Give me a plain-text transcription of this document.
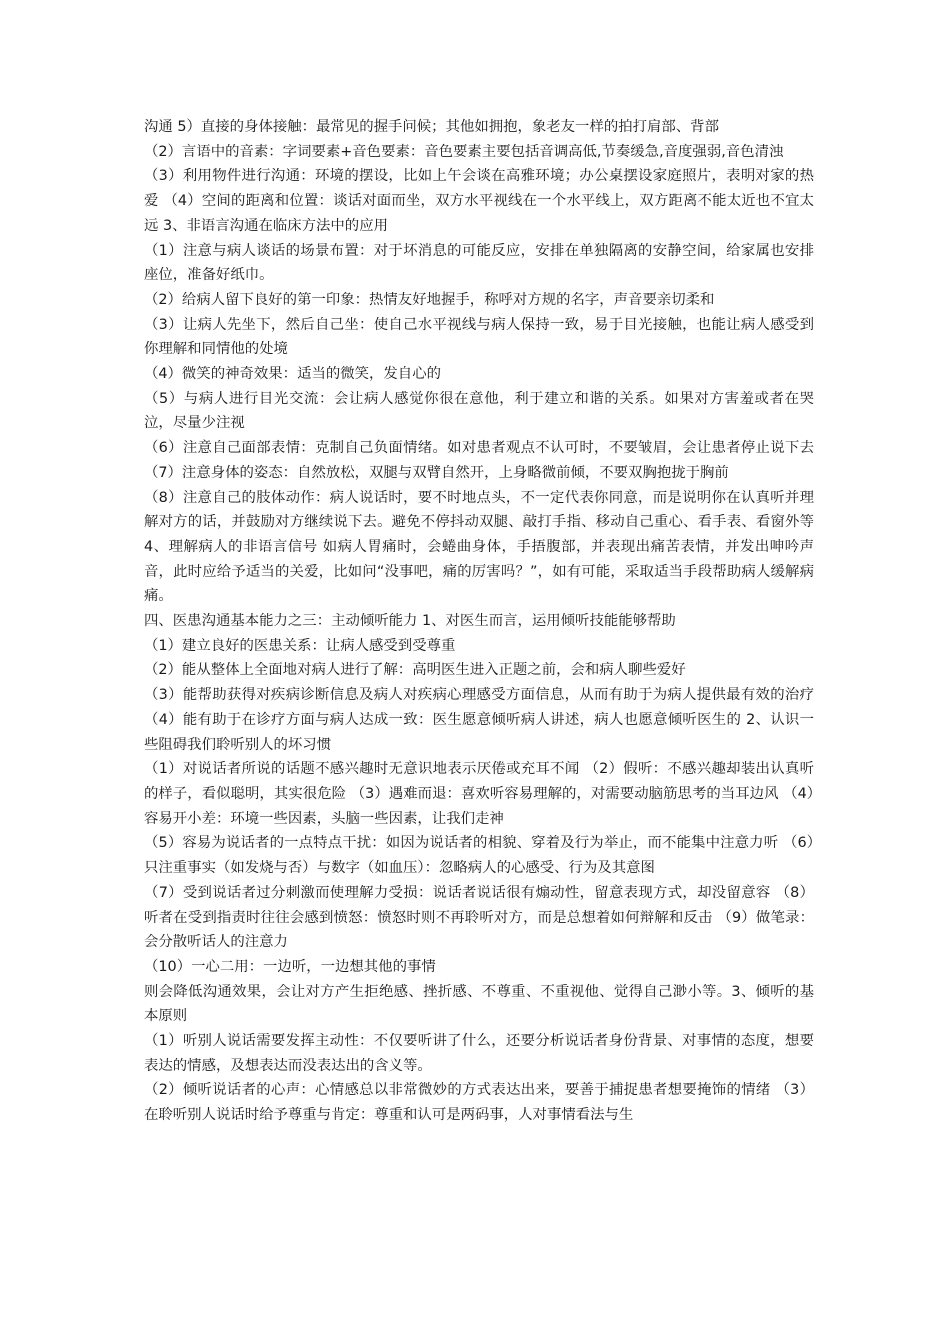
沟通 5）直接的身体接触：最常见的握手问候；其他如拥抱，象老友一样的拍打肩部、背部

（2）言语中的音素：字词要素+音色要素：音色要素主要包括音调高低,节奏缓急,音度强弱,音色清浊

（3）利用物件进行沟通：环境的摆设，比如上午会谈在高雅环境；办公桌摆设家庭照片，表明对家的热爱 （4）空间的距离和位置：谈话对面而坐，双方水平视线在一个水平线上，双方距离不能太近也不宜太远 3、非语言沟通在临床方法中的应用

（1）注意与病人谈话的场景布置：对于坏消息的可能反应，安排在单独隔离的安静空间，给家属也安排座位，准备好纸巾。

（2）给病人留下良好的第一印象：热情友好地握手，称呼对方规的名字，声音要亲切柔和

（3）让病人先坐下，然后自己坐：使自己水平视线与病人保持一致，易于目光接触，也能让病人感受到你理解和同情他的处境

（4）微笑的神奇效果：适当的微笑，发自心的

（5）与病人进行目光交流：会让病人感觉你很在意他，利于建立和谐的关系。如果对方害羞或者在哭泣，尽量少注视

（6）注意自己面部表情：克制自己负面情绪。如对患者观点不认可时，不要皱眉，会让患者停止说下去 （7）注意身体的姿态：自然放松，双腿与双臂自然开，上身略微前倾，不要双胸抱拢于胸前

（8）注意自己的肢体动作：病人说话时，要不时地点头，不一定代表你同意，而是说明你在认真听并理解对方的话，并鼓励对方继续说下去。避免不停抖动双腿、敲打手指、移动自己重心、看手表、看窗外等 4、理解病人的非语言信号 如病人胃痛时，会蜷曲身体，手捂腹部，并表现出痛苦表情，并发出呻吟声音，此时应给予适当的关爱，比如问“没事吧，痛的厉害吗？”，如有可能，采取适当手段帮助病人缓解病痛。

四、医患沟通基本能力之三：主动倾听能力 1、对医生而言，运用倾听技能能够帮助

（1）建立良好的医患关系：让病人感受到受尊重

（2）能从整体上全面地对病人进行了解：高明医生进入正题之前，会和病人聊些爱好

（3）能帮助获得对疾病诊断信息及病人对疾病心理感受方面信息，从而有助于为病人提供最有效的治疗 （4）能有助于在诊疗方面与病人达成一致：医生愿意倾听病人讲述，病人也愿意倾听医生的 2、认识一些阻碍我们聆听别人的坏习惯

（1）对说话者所说的话题不感兴趣时无意识地表示厌倦或充耳不闻 （2）假听：不感兴趣却装出认真听的样子，看似聪明，其实很危险 （3）遇难而退：喜欢听容易理解的，对需要动脑筋思考的当耳边风 （4）容易开小差：环境一些因素，头脑一些因素，让我们走神

（5）容易为说话者的一点特点干扰：如因为说话者的相貌、穿着及行为举止，而不能集中注意力听 （6）只注重事实（如发烧与否）与数字（如血压）：忽略病人的心感受、行为及其意图

（7）受到说话者过分刺激而使理解力受损：说话者说话很有煽动性，留意表现方式，却没留意容 （8）听者在受到指责时往往会感到愤怒：愤怒时则不再聆听对方，而是总想着如何辩解和反击 （9）做笔录：会分散听话人的注意力

（10）一心二用：一边听，一边想其他的事情

则会降低沟通效果，会让对方产生拒绝感、挫折感、不尊重、不重视他、觉得自己渺小等。3、倾听的基本原则

（1）听别人说话需要发挥主动性：不仅要听讲了什么，还要分析说话者身份背景、对事情的态度，想要表达的情感，及想表达而没表达出的含义等。

（2）倾听说话者的心声：心情感总以非常微妙的方式表达出来，要善于捕捉患者想要掩饰的情绪 （3）在聆听别人说话时给予尊重与肯定：尊重和认可是两码事，人对事情看法与生
